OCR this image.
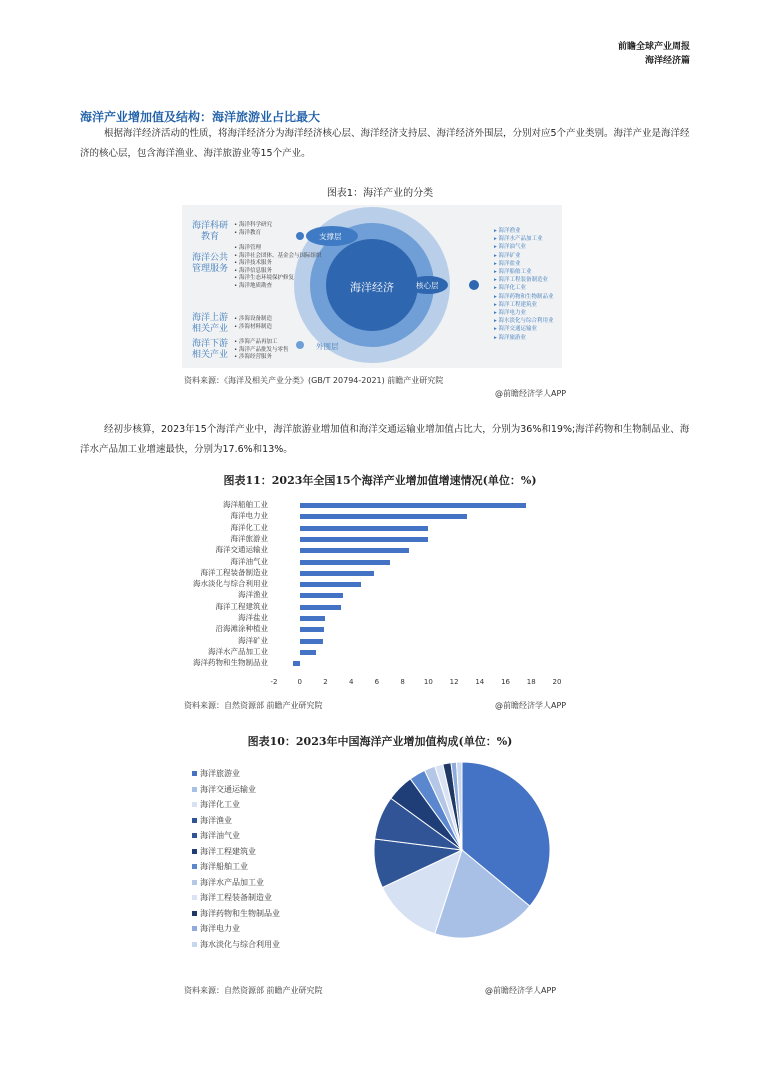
前瞻全球产业周报
海洋经济篇
海洋产业增加值及结构：海洋旅游业占比最大
根据海洋经济活动的性质，将海洋经济分为海洋经济核心层、海洋经济支持层、海洋经济外围层，分别对应5个产业类别。海洋产业是海洋经济的核心层，包含海洋渔业、海洋旅游业等15个产业。
图表1：海洋产业的分类
海洋经济
支撑层
核心层
外围层
海洋科研教育
• 海洋科学研究
• 海洋教育
海洋公共管理服务
• 海洋管理
• 海洋社会团体、基金会与国际组织
• 海洋技术服务
• 海洋信息服务
• 海洋生态环境保护修复
• 海洋地质勘查
海洋上游相关产业
• 涉海设备制造
• 涉海材料制造
海洋下游相关产业
• 涉海产品再加工
• 海洋产品批发与零售
• 涉海经营服务
▸ 海洋渔业
▸ 海洋水产品加工业
▸ 海洋油气业
▸ 海洋矿业
▸ 海洋盐业
▸ 海洋船舶工业
▸ 海洋工程装备制造业
▸ 海洋化工业
▸ 海洋药物和生物制品业
▸ 海洋工程建筑业
▸ 海洋电力业
▸ 海水淡化与综合利用业
▸ 海洋交通运输业
▸ 海洋旅游业
资料来源：《海洋及相关产业分类》(GB/T 20794-2021) 前瞻产业研究院
@前瞻经济学人APP
经初步核算，2023年15个海洋产业中，海洋旅游业增加值和海洋交通运输业增加值占比大，分别为36%和19%;海洋药物和生物制品业、海洋水产品加工业增速最快，分别为17.6%和13%。
图表11：2023年全国15个海洋产业增加值增速情况(单位：%)
海洋船舶工业
海洋电力业
海洋化工业
海洋旅游业
海洋交通运输业
海洋油气业
海洋工程装备制造业
海水淡化与综合利用业
海洋渔业
海洋工程建筑业
海洋盐业
沿海滩涂种植业
海洋矿业
海洋水产品加工业
海洋药物和生物制品业
-2	0	2	4	6	8	10	12	14	16	18	20
资料来源：自然资源部 前瞻产业研究院	@前瞻经济学人APP
图表10：2023年中国海洋产业增加值构成(单位：%)
海洋旅游业
海洋交通运输业
海洋化工业
海洋渔业
海洋油气业
海洋工程建筑业
海洋船舶工业
海洋水产品加工业
海洋工程装备制造业
海洋药物和生物制品业
海洋电力业
海水淡化与综合利用业
资料来源：自然资源部 前瞻产业研究院	@前瞻经济学人APP
